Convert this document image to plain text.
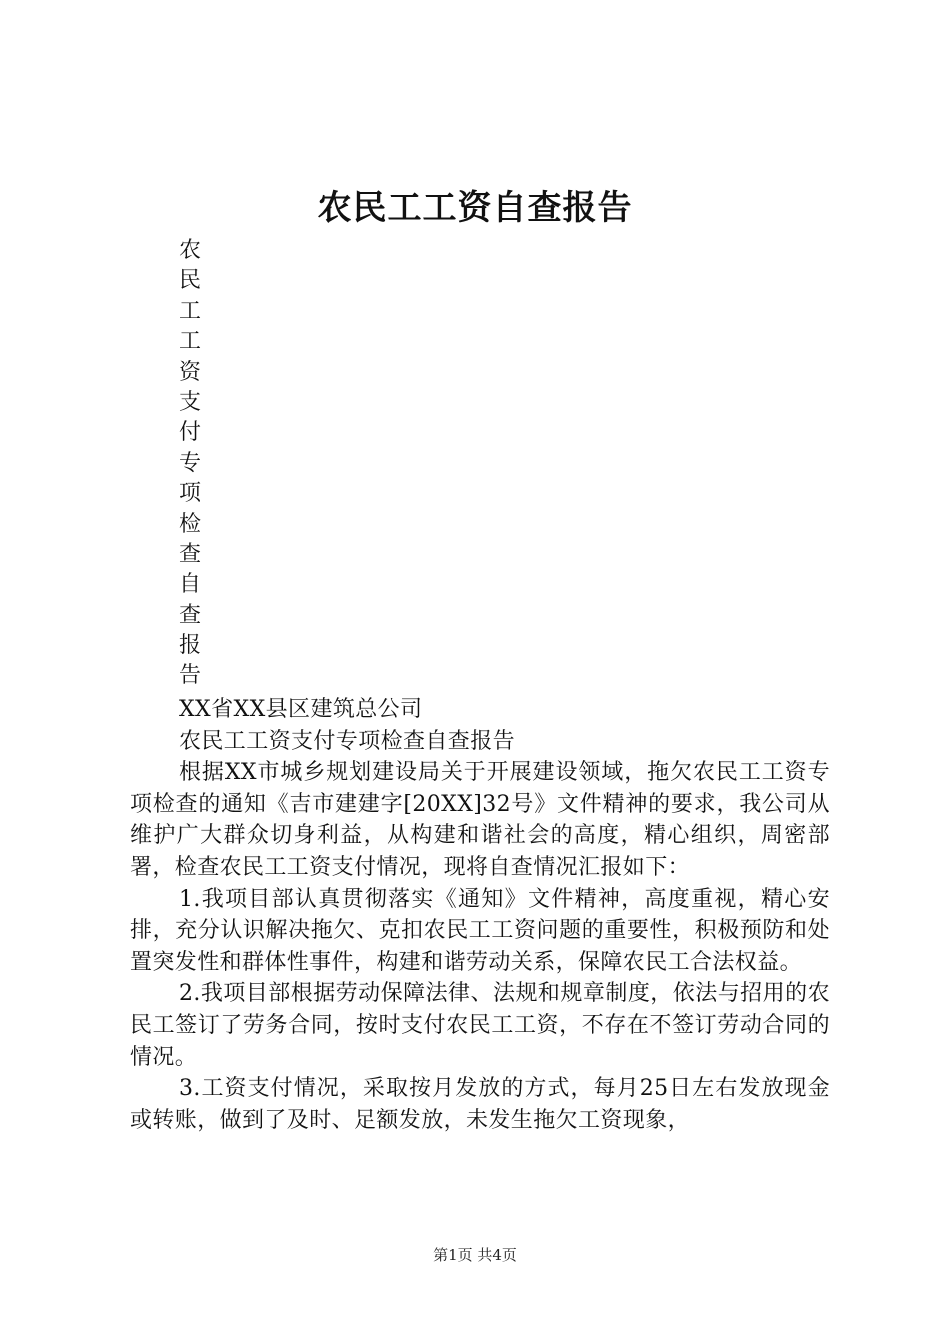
农民工工资自查报告
农
民
工
工
资
支
付
专
项
检
查
自
查
报
告

XX省XX县区建筑总公司

农民工工资支付专项检查自查报告

根据XX市城乡规划建设局关于开展建设领域，拖欠农民工工资专项检查的通知《吉市建建字[20XX]32号》文件精神的要求，我公司从维护广大群众切身利益，从构建和谐社会的高度，精心组织，周密部署，检查农民工工资支付情况，现将自查情况汇报如下：

1.我项目部认真贯彻落实《通知》文件精神，高度重视，精心安排，充分认识解决拖欠、克扣农民工工资问题的重要性，积极预防和处置突发性和群体性事件，构建和谐劳动关系，保障农民工合法权益。

2.我项目部根据劳动保障法律、法规和规章制度，依法与招用的农民工签订了劳务合同，按时支付农民工工资，不存在不签订劳动合同的情况。

3.工资支付情况，采取按月发放的方式，每月25日左右发放现金或转账，做到了及时、足额发放，未发生拖欠工资现象，

第1页 共4页
